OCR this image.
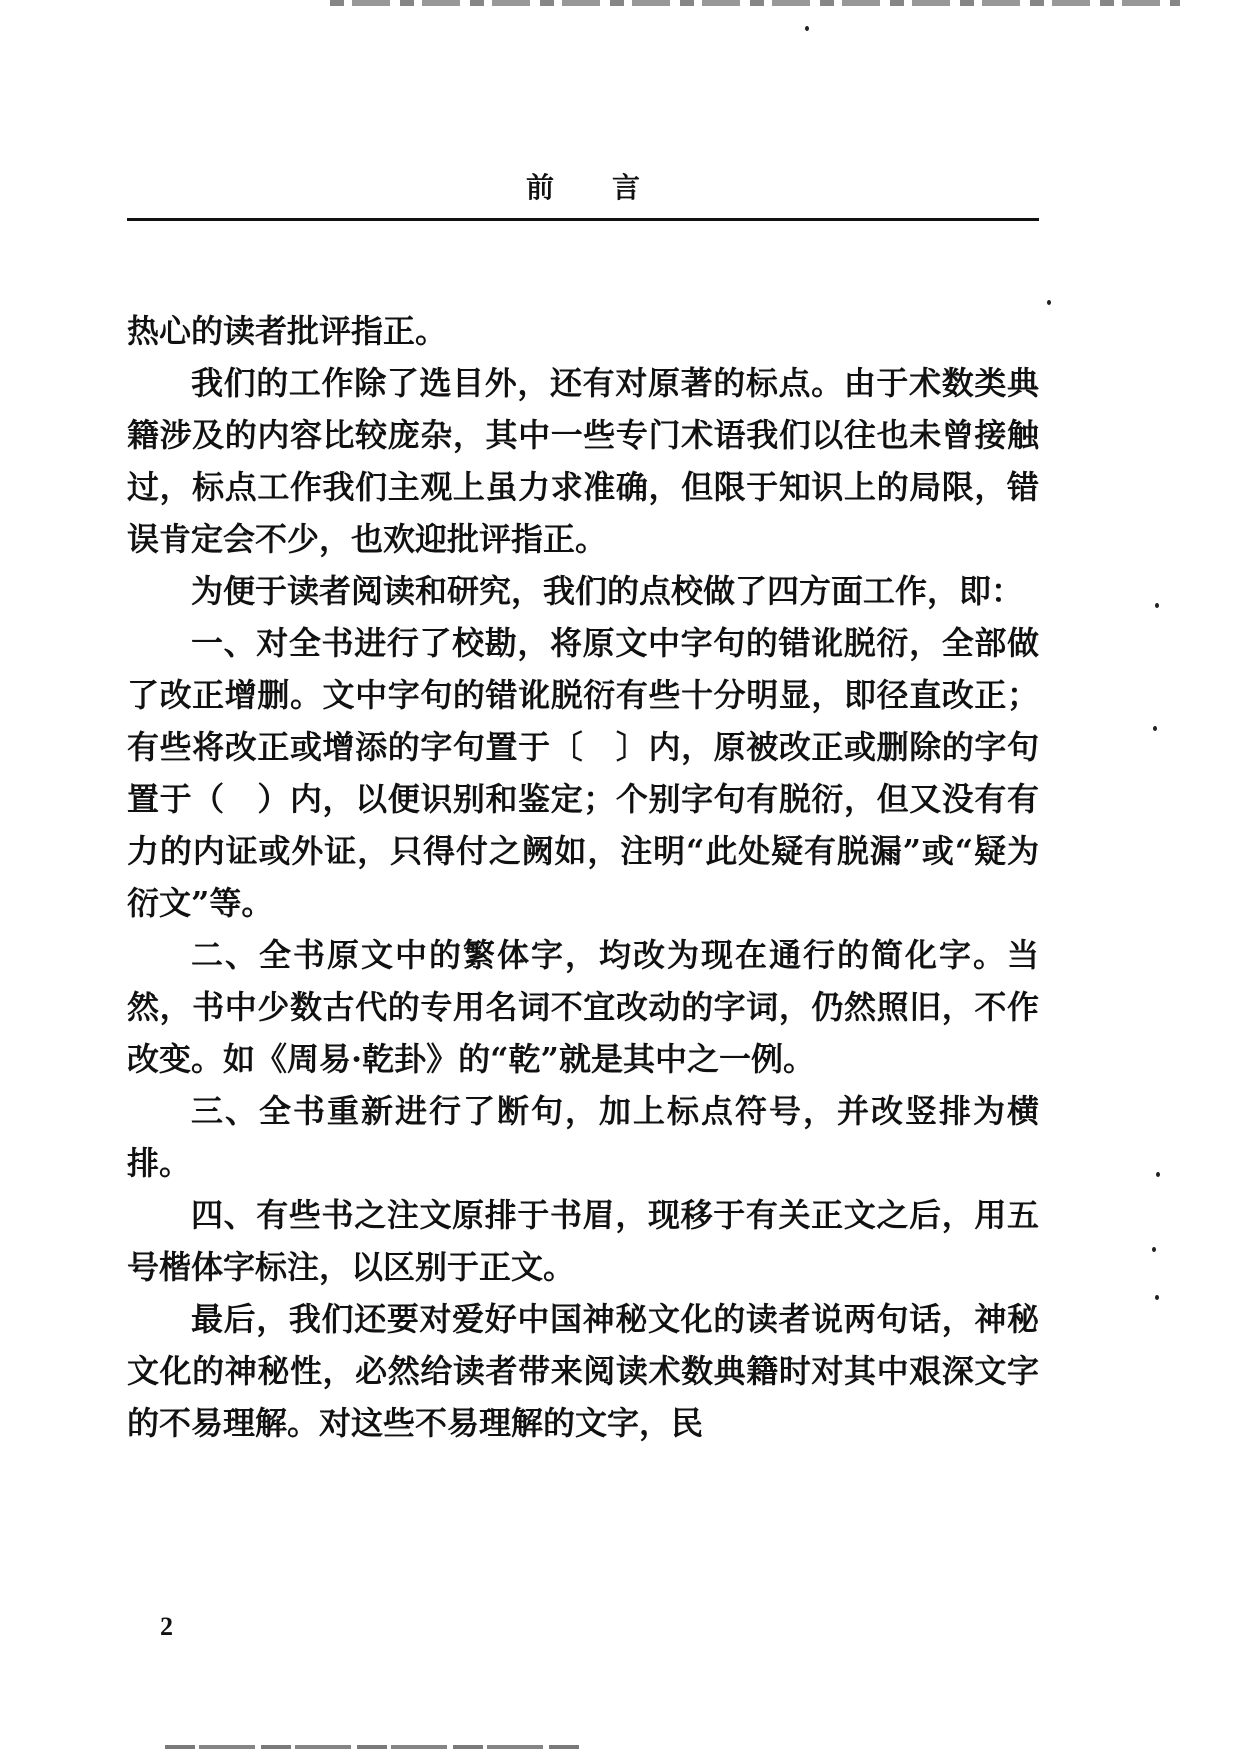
前言

热心的读者批评指正。

我们的工作除了选目外，还有对原著的标点。由于术数类典籍涉及的内容比较庞杂，其中一些专门术语我们以往也未曾接触过，标点工作我们主观上虽力求准确，但限于知识上的局限，错误肯定会不少，也欢迎批评指正。

为便于读者阅读和研究，我们的点校做了四方面工作，即：

一、对全书进行了校勘，将原文中字句的错讹脱衍，全部做了改正增删。文中字句的错讹脱衍有些十分明显，即径直改正；有些将改正或增添的字句置于〔　〕内，原被改正或删除的字句置于（　）内，以便识别和鉴定；个别字句有脱衍，但又没有有力的内证或外证，只得付之阙如，注明“此处疑有脱漏”或“疑为衍文”等。

二、全书原文中的繁体字，均改为现在通行的简化字。当然，书中少数古代的专用名词不宜改动的字词，仍然照旧，不作改变。如《周易·乾卦》的“乾”就是其中之一例。

三、全书重新进行了断句，加上标点符号，并改竖排为横排。

四、有些书之注文原排于书眉，现移于有关正文之后，用五号楷体字标注，以区别于正文。

最后，我们还要对爱好中国神秘文化的读者说两句话，神秘文化的神秘性，必然给读者带来阅读术数典籍时对其中艰深文字的不易理解。对这些不易理解的文字，民

2
